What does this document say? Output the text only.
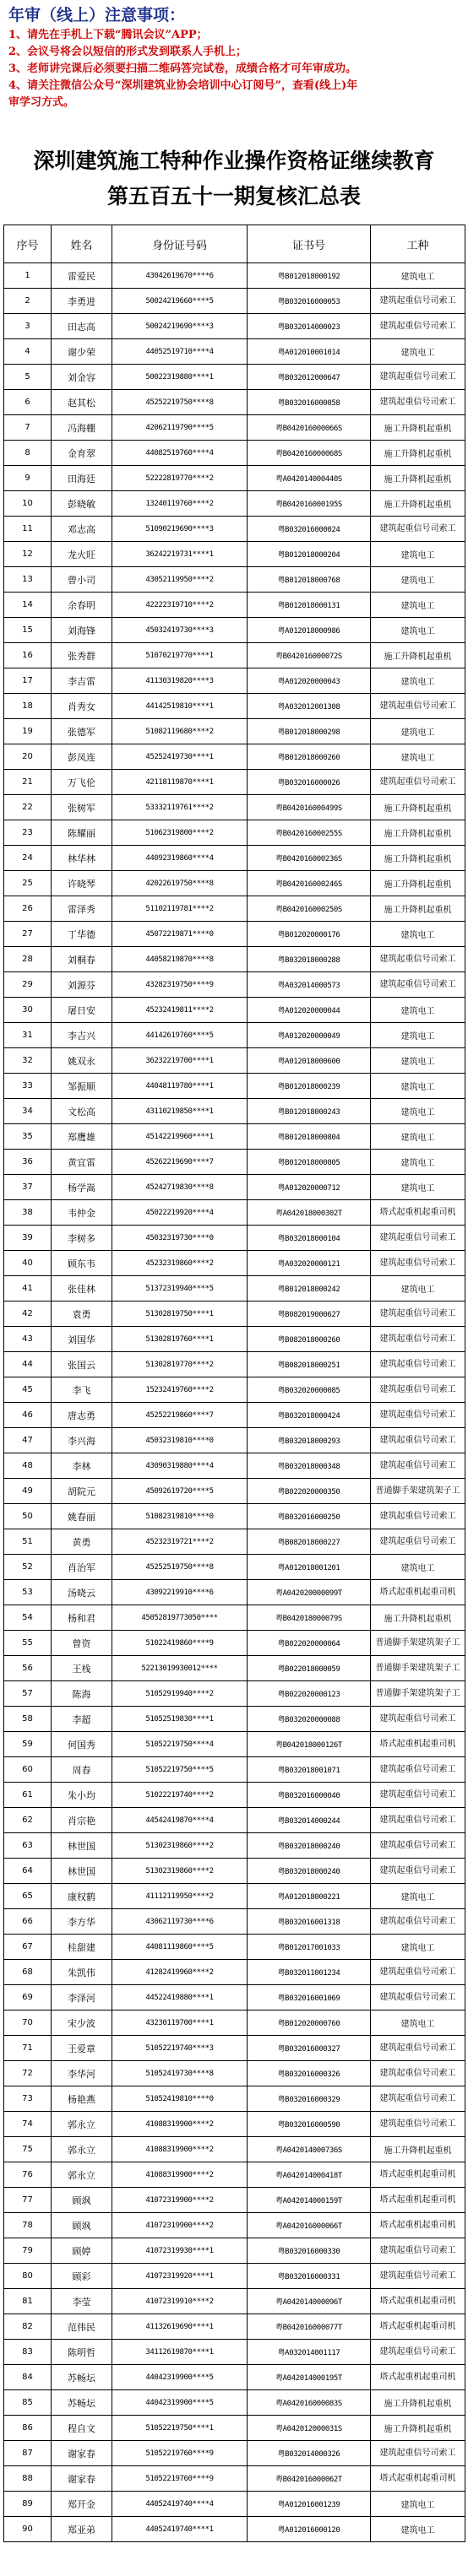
年审（线上）注意事项：
1、请先在手机上下载“腾讯会议”APP；
2、会议号将会以短信的形式发到联系人手机上；
3、老师讲完课后必须要扫描二维码答完试卷，成绩合格才可年审成功。
4、请关注微信公众号“深圳建筑业协会培训中心订阅号”，查看(线上)年
审学习方式。
深圳建筑施工特种作业操作资格证继续教育
第五百五十一期复核汇总表
序号	姓名	身份证号码	证书号	工种
1	雷爱民	43042619670****6	粤B012018000192	建筑电工
2	李勇进	50024219660****5	粤B032016000053	建筑起重信号司索工
3	田志高	50024219690****3	粤B032014000023	建筑起重信号司索工
4	谢少荣	44052519710****4	粤A012010001014	建筑电工
5	刘金容	50022319880****1	粤B032012000647	建筑起重信号司索工
6	赵其松	45252219750****8	粤B032016000058	建筑起重信号司索工
7	冯海棚	42062119790****5	粤B042016000066S	施工升降机起重机
8	金育翠	44082519760****4	粤B042016000068S	施工升降机起重机
9	田海廷	52222819770****2	粤A042014000440S	施工升降机起重机
10	彭晓敏	13240119760****2	粤B042016000195S	施工升降机起重机
11	邓志高	51090219690****3	粤B032016000024	建筑起重信号司索工
12	龙火旺	36242219731****1	粤B012018000204	建筑电工
13	曾小司	43052119950****2	粤B012018000768	建筑电工
14	余春明	42222319710****2	粤B012018000131	建筑电工
15	刘海锋	45032419730****3	粤A012018000986	建筑电工
16	张秀群	51070219770****1	粤B042016000072S	施工升降机起重机
17	李吉雷	41130319820****3	粤A012020000043	建筑电工
18	肖秀女	44142519810****1	粤A032012001308	建筑起重信号司索工
19	张德军	51082119680****2	粤B012018000298	建筑电工
20	彭凤连	45252419730****1	粤B012018000260	建筑电工
21	万飞伦	42118119870****1	粤B032016000026	建筑起重信号司索工
22	张树军	53332119761****2	粤B042016000499S	施工升降机起重机
23	陈耀丽	51062319800****2	粤B042016000255S	施工升降机起重机
24	林华林	44092319860****4	粤B042016000236S	施工升降机起重机
25	许晓琴	42022619750****8	粤B042016000246S	施工升降机起重机
26	雷泽秀	51102119781****2	粤B042016000250S	施工升降机起重机
27	丁华德	45072219871****0	粤B012020000176	建筑电工
28	刘桐春	44058219870****8	粤B032018000288	建筑起重信号司索工
29	刘源芬	43282319750****9	粤A032014000573	建筑起重信号司索工
30	屠日安	45232419811****2	粤A012020000044	建筑电工
31	李吉兴	44142619760****5	粤A012020000049	建筑电工
32	姚双永	36232219700****1	粤A012018000600	建筑电工
33	邹振顺	44048119780****1	粤B012018000239	建筑电工
34	文松高	43110219850****1	粤B012018000243	建筑电工
35	郑鹰雄	45142219960****1	粤B012018000804	建筑电工
36	黄宜雷	45262219690****7	粤B012018000805	建筑电工
37	杨学嵩	45242719830****8	粤A012020000712	建筑电工
38	韦仲金	45022219920****4	粤A042018000302T	塔式起重机起重司机
39	李树多	45032319730****0	粤B032018000104	建筑起重信号司索工
40	顾东韦	45232319860****2	粤A032020000121	建筑起重信号司索工
41	张佳林	51372319940****5	粤B012018000242	建筑电工
42	袁勇	51302819750****1	粤B082019000627	建筑起重信号司索工
43	刘国华	51302819760****1	粤B082018000260	建筑起重信号司索工
44	张国云	51302819770****2	粤B082018000251	建筑起重信号司索工
45	李飞	15232419760****2	粤B032020000085	建筑起重信号司索工
46	唐志勇	45252219860****7	粤B032018000424	建筑起重信号司索工
47	李兴海	45032319810****0	粤B032018000293	建筑起重信号司索工
48	李林	43090319880****4	粤B032018000348	建筑起重信号司索工
49	胡院元	45092619720****5	粤B022020000350	普通脚手架建筑架子工
50	姚春丽	51082319810****0	粤B032016000250	建筑起重信号司索工
51	黄勇	45232319721****2	粤B082018000227	建筑起重信号司索工
52	肖治军	45252519750****8	粤A012018001201	建筑电工
53	汤晓云	43092219910****6	粤A042020000099T	塔式起重机起重司机
54	杨和君	45052819773050****	粤B042018000079S	施工升降机起重机
55	曾资	51022419860****9	粤B022020000064	普通脚手架建筑架子工
56	王栈	52213019930012****	粤B022018000059	普通脚手架建筑架子工
57	陈海	51052919940****2	粤B022020000123	普通脚手架建筑架子工
58	李超	51052519830****1	粤B032020000088	建筑起重信号司索工
59	何国秀	51052219750****4	粤B042018000126T	塔式起重机起重司机
60	周春	51052219750****5	粤B032018001071	建筑起重信号司索工
61	朱小均	51022219740****2	粤B032016000040	建筑起重信号司索工
62	肖宗艳	44542419870****4	粤B032014000244	建筑起重信号司索工
63	林世国	51302319860****2	粤B032018000240	建筑起重信号司索工
64	林世国	51302319860****2	粤B032018000240	建筑起重信号司索工
65	康权鹤	41112119950****2	粤A012018000221	建筑电工
66	李方华	43062119730****6	粤B032016001318	建筑起重信号司索工
67	桂甜建	44081119860****5	粤B012017001033	建筑电工
68	朱凯伟	41282419960****2	粤B032011001234	建筑起重信号司索工
69	李泽河	44522419880****1	粤B032016001069	建筑起重信号司索工
70	宋少波	43230119700****1	粤B012020000760	建筑电工
71	王爱章	51052219740****3	粤B032016000327	建筑起重信号司索工
72	李华河	51052419730****8	粤B032016000326	建筑起重信号司索工
73	杨艳燕	51052419810****0	粤B032016000329	建筑起重信号司索工
74	郭永立	41088319900****2	粤B032016000590	建筑起重信号司索工
75	郭永立	41088319900****2	粤A042014000736S	施工升降机起重机
76	郭永立	41088319900****2	粤A042014000418T	塔式起重机起重司机
77	顾飒	41072319900****2	粤A042014000159T	塔式起重机起重司机
78	顾飒	41072319900****2	粤A042016000066T	塔式起重机起重司机
79	顾婷	41072319930****1	粤B032016000330	建筑起重信号司索工
80	顾彩	41072319920****1	粤B032016000331	建筑起重信号司索工
81	李莹	41072319910****2	粤A042014000096T	塔式起重机起重司机
82	范伟民	41132619690****1	粤B042016000077T	塔式起重机起重司机
83	陈明哲	34112619870****1	粤A032014001117	建筑起重信号司索工
84	苏畅坛	44042319900****5	粤A042014000195T	塔式起重机起重司机
85	苏畅坛	44042319900****5	粤A042016000083S	施工升降机起重机
86	程自文	51052219750****1	粤A042012000031S	施工升降机起重机
87	谢家春	51052219760****9	粤B032014000326	建筑起重信号司索工
88	谢家春	51052219760****9	粤B042016000062T	塔式起重机起重司机
89	郑开金	44052419740****4	粤A012016001239	建筑电工
90	郑亚弟	44052419740****1	粤A012016000120	建筑电工
